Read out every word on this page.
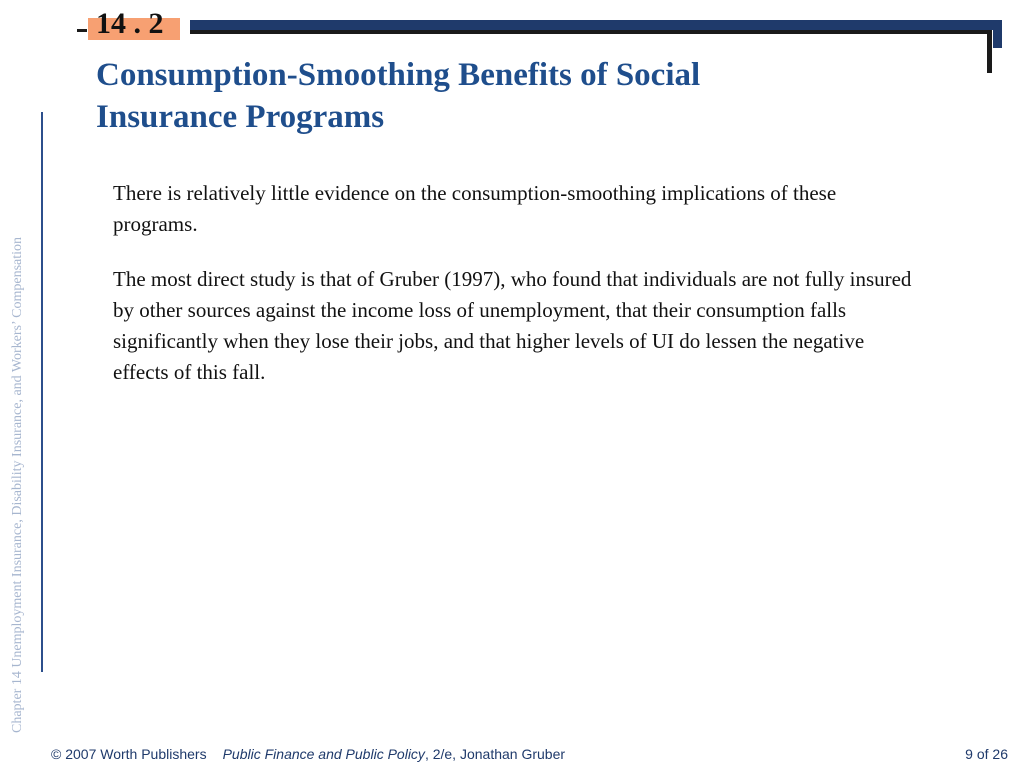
14 . 2
Consumption-Smoothing Benefits of Social Insurance Programs
Chapter 14 Unemployment Insurance, Disability Insurance, and Workers’ Compensation

There is relatively little evidence on the consumption-smoothing implications of these programs.

The most direct study is that of Gruber (1997), who found that individuals are not fully insured by other sources against the income loss of unemployment, that their consumption falls significantly when they lose their jobs, and that higher levels of UI do lessen the negative effects of this fall.

© 2007 Worth Publishers Public Finance and Public Policy, 2/e, Jonathan Gruber	9 of 26
